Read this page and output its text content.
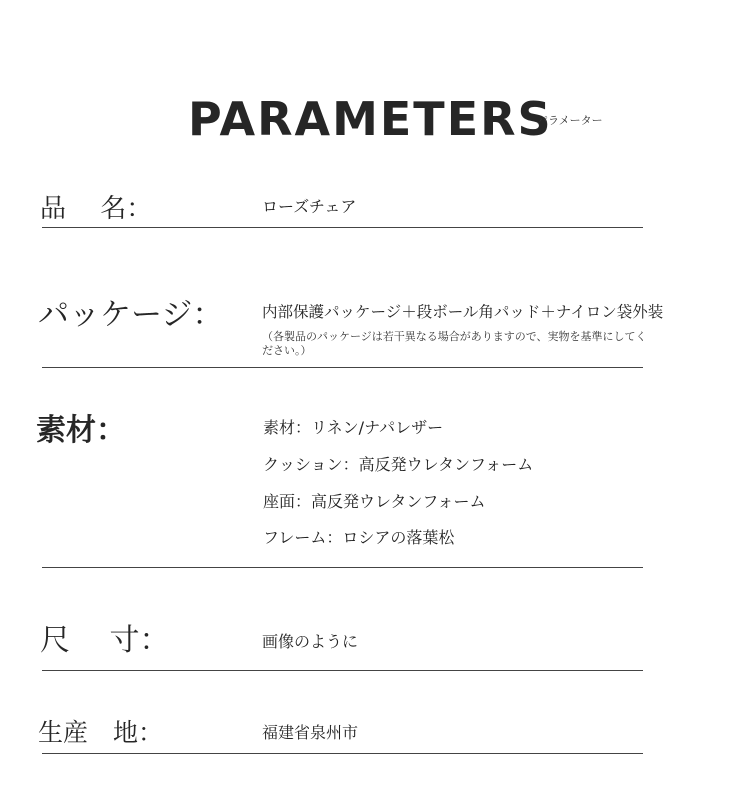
PARAMETERS
パラメーター
品　 名：	ローズチェア
パッケージ： 内部保護パッケージ＋段ボール角パッド＋ナイロン袋外装
（各製品のパッケージは若干異なる場合がありますので、実物を基準にしてください。）
素材：	素材：リネン/ナパレザー
クッション：高反発ウレタンフォーム
座面：高反発ウレタンフォーム
フレーム：ロシアの落葉松
尺　 寸：	画像のように
生産　地：	福建省泉州市
